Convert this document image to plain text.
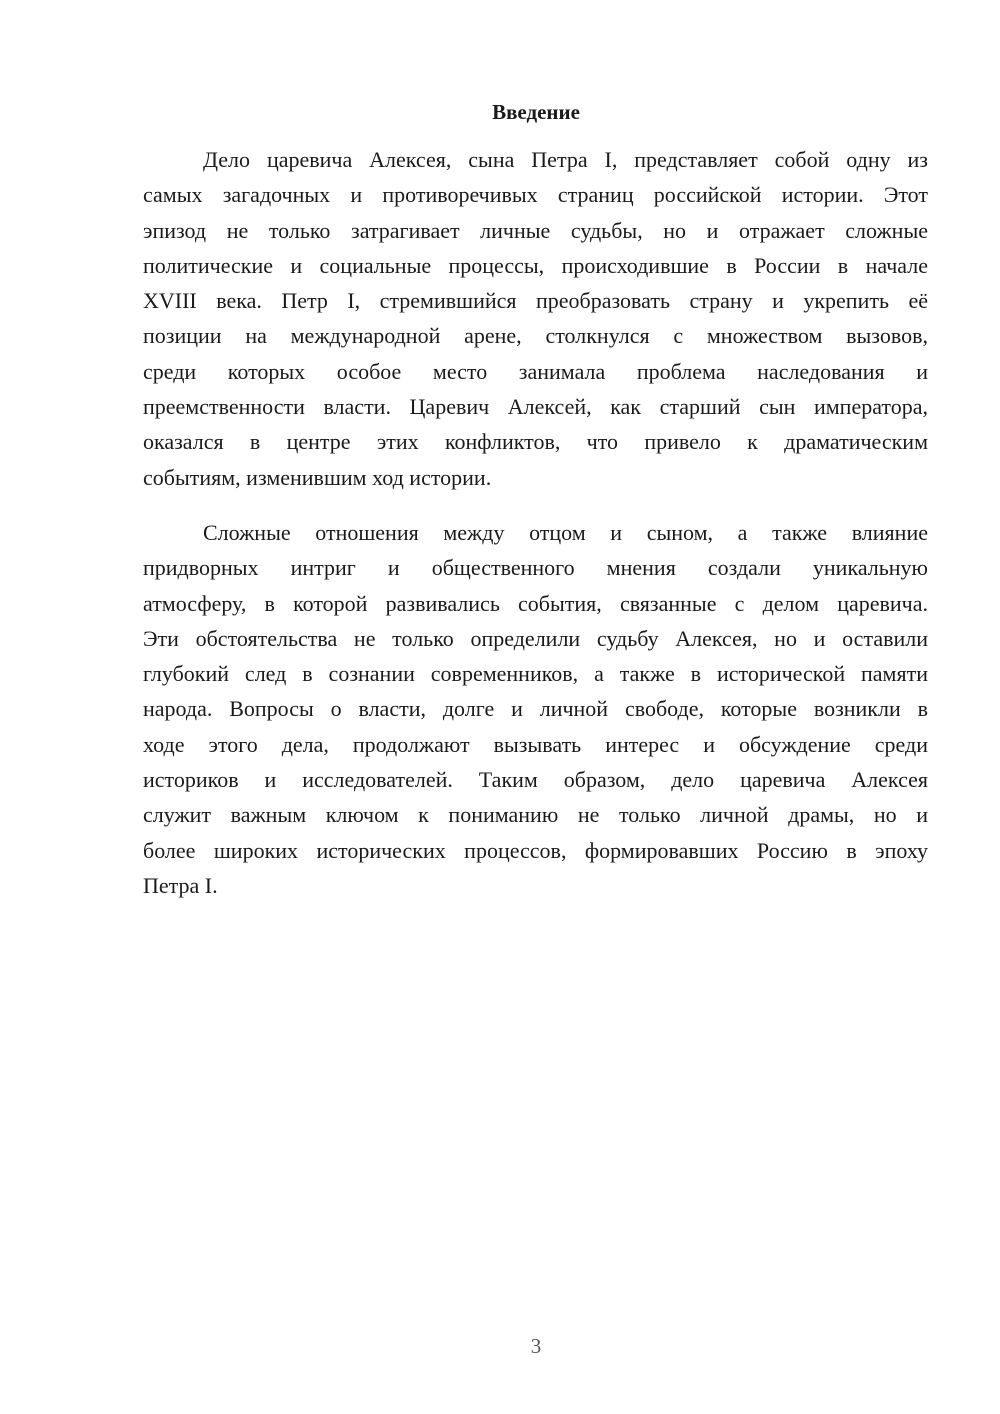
Введение
Дело царевича Алексея, сына Петра I, представляет собой одну из
самых загадочных и противоречивых страниц российской истории. Этот
эпизод не только затрагивает личные судьбы, но и отражает сложные
политические и социальные процессы, происходившие в России в начале
XVIII века. Петр I, стремившийся преобразовать страну и укрепить её
позиции на международной арене, столкнулся с множеством вызовов,
среди которых особое место занимала проблема наследования и
преемственности власти. Царевич Алексей, как старший сын императора,
оказался в центре этих конфликтов, что привело к драматическим
событиям, изменившим ход истории.
Сложные отношения между отцом и сыном, а также влияние
придворных интриг и общественного мнения создали уникальную
атмосферу, в которой развивались события, связанные с делом царевича.
Эти обстоятельства не только определили судьбу Алексея, но и оставили
глубокий след в сознании современников, а также в исторической памяти
народа. Вопросы о власти, долге и личной свободе, которые возникли в
ходе этого дела, продолжают вызывать интерес и обсуждение среди
историков и исследователей. Таким образом, дело царевича Алексея
служит важным ключом к пониманию не только личной драмы, но и
более широких исторических процессов, формировавших Россию в эпоху
Петра I.
3
